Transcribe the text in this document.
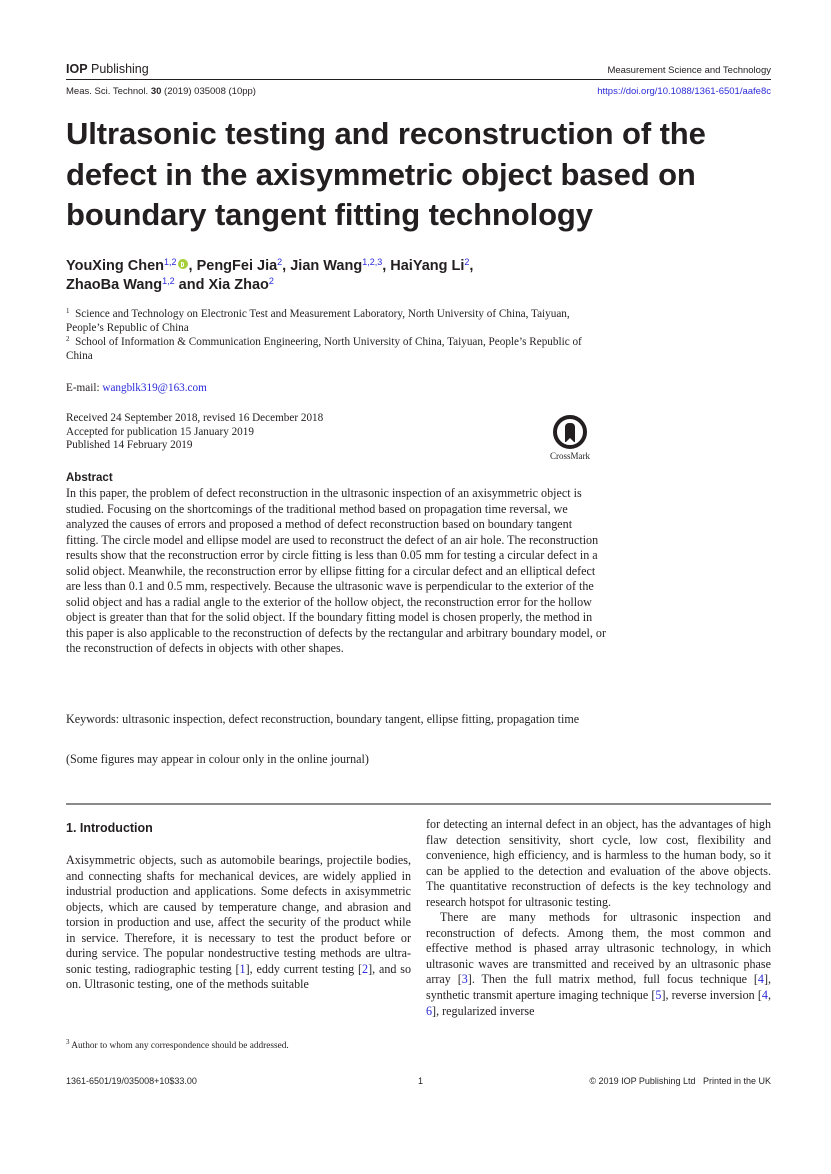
IOP Publishing	Measurement Science and Technology
Meas. Sci. Technol. 30 (2019) 035008 (10pp)	https://doi.org/10.1088/1361-6501/aafe8c
Ultrasonic testing and reconstruction of the defect in the axisymmetric object based on boundary tangent fitting technology
YouXing Chen$^{1,2}$ , PengFei Jia$^2$, Jian Wang$^{1,2,3}$, HaiYang Li$^2$,
ZhaoBa Wang$^{1,2}$ and Xia Zhao$^2$
$^1$ Science and Technology on Electronic Test and Measurement Laboratory, North University of China, Taiyuan, People’s Republic of China
$^2$ School of Information & Communication Engineering, North University of China, Taiyuan, People’s Republic of China
E-mail: wangblk319@163.com
Received 24 September 2018, revised 16 December 2018
Accepted for publication 15 January 2019
Published 14 February 2019
CrossMark
Abstract
In this paper, the problem of defect reconstruction in the ultrasonic inspection of an axisymmetric object is studied. Focusing on the shortcomings of the traditional method based on propagation time reversal, we analyzed the causes of errors and proposed a method of defect reconstruction based on boundary tangent fitting. The circle model and ellipse model are used to reconstruct the defect of an air hole. The reconstruction results show that the reconstruction error by circle fitting is less than 0.05 mm for testing a circular defect in a solid object. Meanwhile, the reconstruction error by ellipse fitting for a circular defect and an elliptical defect are less than 0.1 and 0.5 mm, respectively. Because the ultrasonic wave is perpendicular to the exterior of the solid object and has a radial angle to the exterior of the hollow object, the reconstruction error for the hollow object is greater than that for the solid object. If the boundary fitting model is chosen properly, the method in this paper is also applicable to the reconstruction of defects by the rectangular and arbitrary boundary model, or the reconstruction of defects in objects with other shapes.
Keywords: ultrasonic inspection, defect reconstruction, boundary tangent, ellipse fitting, propagation time
(Some figures may appear in colour only in the online journal)
1. Introduction

Axisymmetric objects, such as automobile bearings, projectile bodies, and connecting shafts for mechanical devices, are widely applied in industrial production and applications. Some defects in axisymmetric objects, which are caused by temperature change, and abrasion and torsion in production and use, affect the security of the product while in service. Therefore, it is necessary to test the product before or during service. The popular nondestructive testing methods are ultrasonic testing, radiographic testing [1], eddy current testing [2], and so on. Ultrasonic testing, one of the methods suitable

for detecting an internal defect in an object, has the advantages of high flaw detection sensitivity, short cycle, low cost, flexibility and convenience, high efficiency, and is harmless to the human body, so it can be applied to the detection and evaluation of the above objects. The quantitative reconstruction of defects is the key technology and research hotspot for ultrasonic testing.

There are many methods for ultrasonic inspection and reconstruction of defects. Among them, the most common and effective method is phased array ultrasonic technology, in which ultrasonic waves are transmitted and received by an ultrasonic phase array [3]. Then the full matrix method, full focus technique [4], synthetic transmit aperture imaging technique [5], reverse inversion [4, 6], regularized inverse

$^3$ Author to whom any correspondence should be addressed.
1361-6501/19/035008+10$33.00	1	© 2019 IOP Publishing Ltd   Printed in the UK
